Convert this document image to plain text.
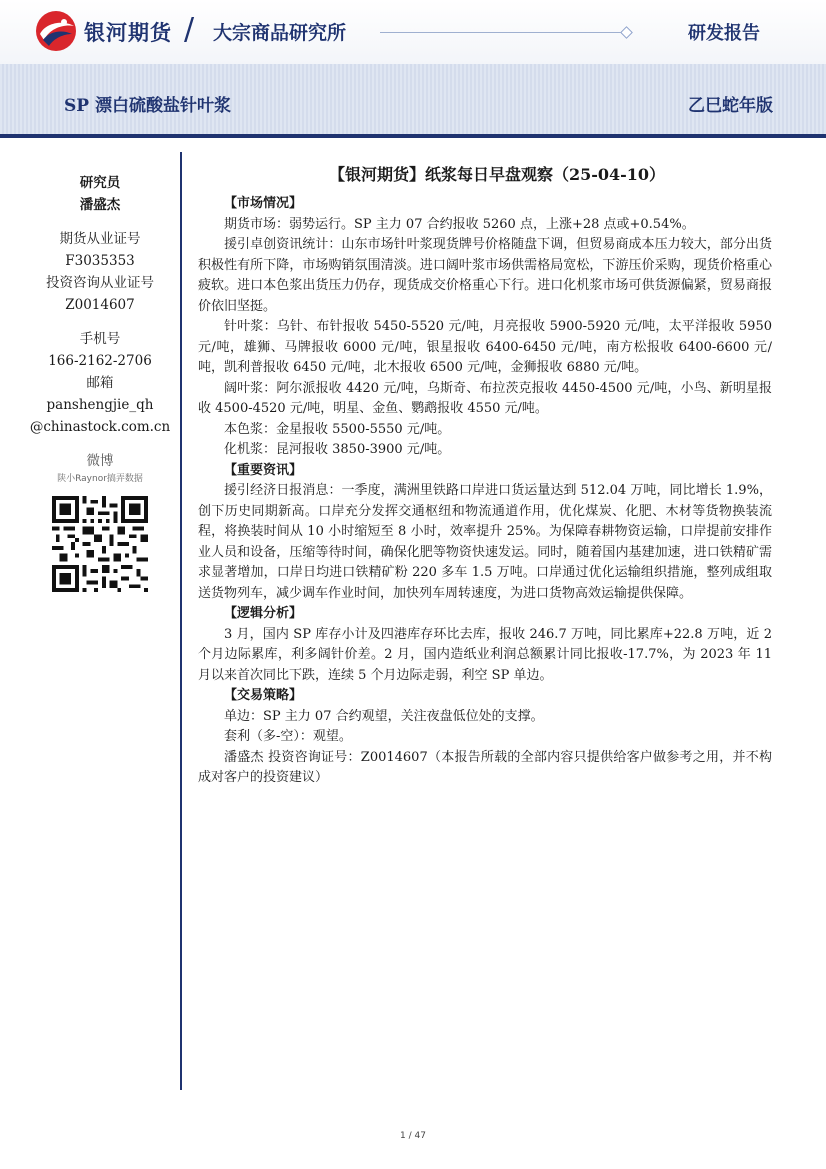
银河期货 / 大宗商品研究所	研发报告
SP 漂白硫酸盐针叶浆	乙巳蛇年版
研究员
潘盛杰
期货从业证号
F3035353
投资咨询从业证号
Z0014607
手机号
166-2162-2706
邮箱
panshengjie_qh
@chinastock.com.cn
微博
陕小Raynor搞弄数据
【银河期货】纸浆每日早盘观察（25-04-10）
【市场情况】

期货市场：弱势运行。SP 主力 07 合约报收 5260 点，上涨+28 点或+0.54%。

援引卓创资讯统计：山东市场针叶浆现货牌号价格随盘下调，但贸易商成本压力较大，部分出货积极性有所下降，市场购销氛围清淡。进口阔叶浆市场供需格局宽松，下游压价采购，现货价格重心疲软。进口本色浆出货压力仍存，现货成交价格重心下行。进口化机浆市场可供货源偏紧，贸易商报价依旧坚挺。

针叶浆：乌针、布针报收 5450-5520 元/吨，月亮报收 5900-5920 元/吨，太平洋报收 5950 元/吨，雄狮、马牌报收 6000 元/吨，银星报收 6400-6450 元/吨，南方松报收 6400-6600 元/吨，凯利普报收 6450 元/吨，北木报收 6500 元/吨，金狮报收 6880 元/吨。

阔叶浆：阿尔派报收 4420 元/吨，乌斯奇、布拉茨克报收 4450-4500 元/吨，小鸟、新明星报收 4500-4520 元/吨，明星、金鱼、鹦鹉报收 4550 元/吨。

本色浆：金星报收 5500-5550 元/吨。

化机浆：昆河报收 3850-3900 元/吨。

【重要资讯】

援引经济日报消息：一季度，满洲里铁路口岸进口货运量达到 512.04 万吨，同比增长 1.9%，创下历史同期新高。口岸充分发挥交通枢纽和物流通道作用，优化煤炭、化肥、木材等货物换装流程，将换装时间从 10 小时缩短至 8 小时，效率提升 25%。为保障春耕物资运输，口岸提前安排作业人员和设备，压缩等待时间，确保化肥等物资快速发运。同时，随着国内基建加速，进口铁精矿需求显著增加，口岸日均进口铁精矿粉 220 多车 1.5 万吨。口岸通过优化运输组织措施，整列成组取送货物列车，减少调车作业时间，加快列车周转速度，为进口货物高效运输提供保障。

【逻辑分析】

3 月，国内 SP 库存小计及四港库存环比去库，报收 246.7 万吨，同比累库+22.8 万吨，近 2 个月边际累库，利多阔针价差。2 月，国内造纸业利润总额累计同比报收-17.7%，为 2023 年 11 月以来首次同比下跌，连续 5 个月边际走弱，利空 SP 单边。

【交易策略】

单边：SP 主力 07 合约观望，关注夜盘低位处的支撑。

套利（多-空）：观望。

潘盛杰 投资咨询证号：Z0014607（本报告所载的全部内容只提供给客户做参考之用，并不构成对客户的投资建议）

1 / 47
